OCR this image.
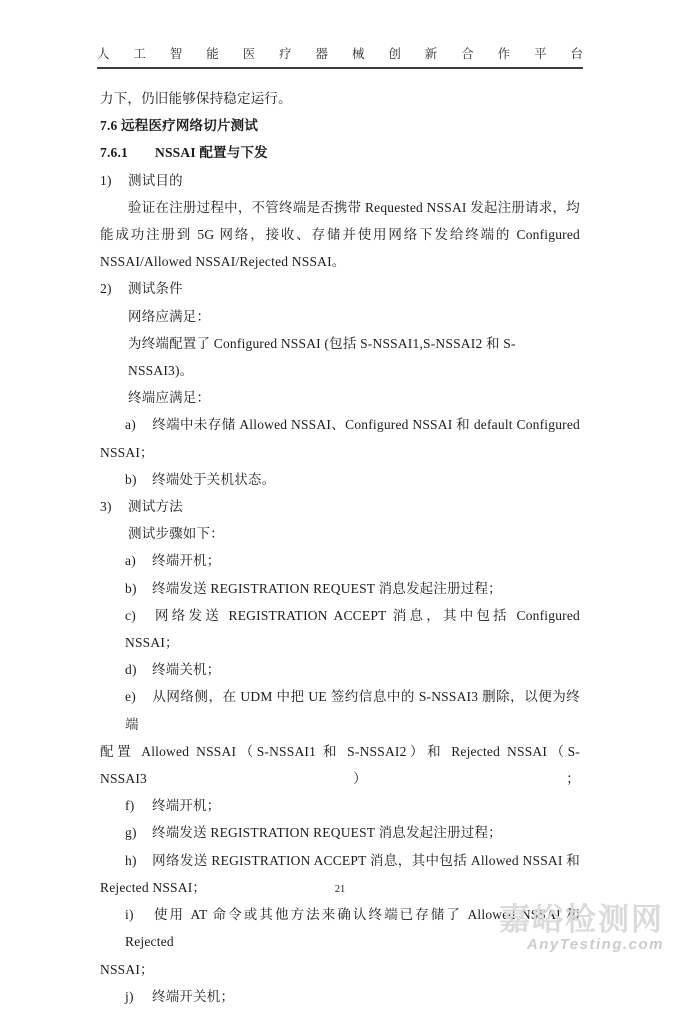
人 工 智 能 医 疗 器 械 创 新 合 作 平 台

力下，仍旧能够保持稳定运行。

7.6 远程医疗网络切片测试

7.6.1 NSSAI 配置与下发

1) 测试目的

验证在注册过程中，不管终端是否携带 Requested NSSAI 发起注册请求，均

能成功注册到 5G 网络，接收、存储并使用网络下发给终端的 Configured

NSSAI/Allowed NSSAI/Rejected NSSAI。

2) 测试条件

网络应满足：

为终端配置了 Configured NSSAI (包括 S-NSSAI1,S-NSSAI2 和 S-NSSAI3)。

终端应满足：

a) 终端中未存储 Allowed NSSAI、Configured NSSAI 和 default Configured

NSSAI；

b) 终端处于关机状态。

3) 测试方法

测试步骤如下：

a) 终端开机；

b) 终端发送 REGISTRATION REQUEST 消息发起注册过程；

c) 网络发送 REGISTRATION ACCEPT 消息，其中包括 Configured NSSAI；

d) 终端关机；

e) 从网络侧，在 UDM 中把 UE 签约信息中的 S-NSSAI3 删除，以便为终端

配置 Allowed NSSAI（S-NSSAI1 和 S-NSSAI2）和 Rejected NSSAI（S-NSSAI3）；

f) 终端开机；

g) 终端发送 REGISTRATION REQUEST 消息发起注册过程；

h) 网络发送 REGISTRATION ACCEPT 消息，其中包括 Allowed NSSAI 和

Rejected NSSAI；

i) 使用 AT 命令或其他方法来确认终端已存储了 Allowed NSSAI 和 Rejected

NSSAI；

j) 终端开关机；

21
嘉峪检测网
AnyTesting.com
